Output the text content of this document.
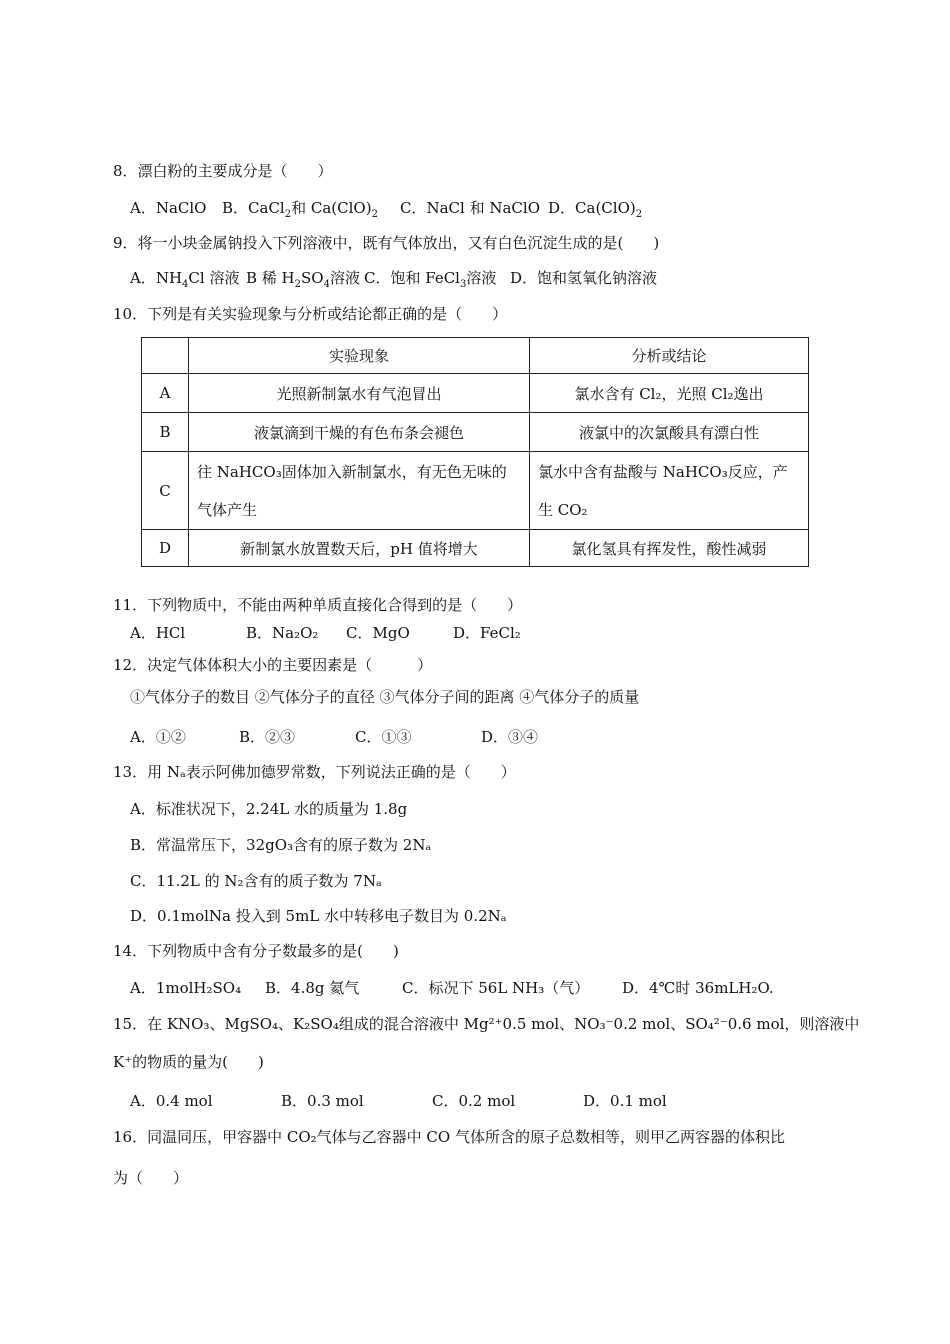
8．漂白粉的主要成分是（　　）
A．NaClO B．CaCl$_2$和 $Ca(ClO)_2$ C．NaCl 和 NaClO D．$Ca(ClO)_2$
9．将一小块金属钠投入下列溶液中，既有气体放出，又有白色沉淀生成的是(　　)
A．$NH_4Cl$ 溶液 B 稀 $H_2SO_4$溶液 C．饱和 FeCl$_3$溶液 D．饱和氢氧化钠溶液
10．下列是有关实验现象与分析或结论都正确的是（　　）
	实验现象	分析或结论
A	光照新制氯水有气泡冒出	氯水含有 Cl₂，光照 Cl₂逸出
B	液氯滴到干燥的有色布条会褪色	液氯中的次氯酸具有漂白性
C	往 NaHCO₃固体加入新制氯水，有无色无味的气体产生	氯水中含有盐酸与 NaHCO₃反应，产生 CO₂
D	新制氯水放置数天后，pH 值将增大	氯化氢具有挥发性，酸性减弱
11．下列物质中，不能由两种单质直接化合得到的是（　　）
A．HCl	B．Na₂O₂ C．MgO	D．FeCl₂
12．决定气体体积大小的主要因素是（　　　）
①气体分子的数目 ②气体分子的直径 ③气体分子间的距离 ④气体分子的质量
A．①②	B．②③	C．①③	D．③④
13．用 Nₐ表示阿佛加德罗常数，下列说法正确的是（　　）
A．标准状况下，2.24L 水的质量为 1.8g
B．常温常压下，32gO₃含有的原子数为 2Nₐ
C．11.2L 的 N₂含有的质子数为 7Nₐ
D．0.1molNa 投入到 5mL 水中转移电子数目为 0.2Nₐ
14．下列物质中含有分子数最多的是(　　)
A．1molH₂SO₄ B．4.8g 氦气	C．标况下 56L NH₃（气） D．4℃时 36mLH₂O.
15．在 KNO₃、MgSO₄、K₂SO₄组成的混合溶液中 Mg²⁺0.5 mol、NO₃⁻0.2 mol、SO₄²⁻0.6 mol，则溶液中
K⁺的物质的量为(　　)
A．0.4 mol	B．0.3 mol	C．0.2 mol	D．0.1 mol
16．同温同压，甲容器中 CO₂气体与乙容器中 CO 气体所含的原子总数相等，则甲乙两容器的体积比
为（　　）
